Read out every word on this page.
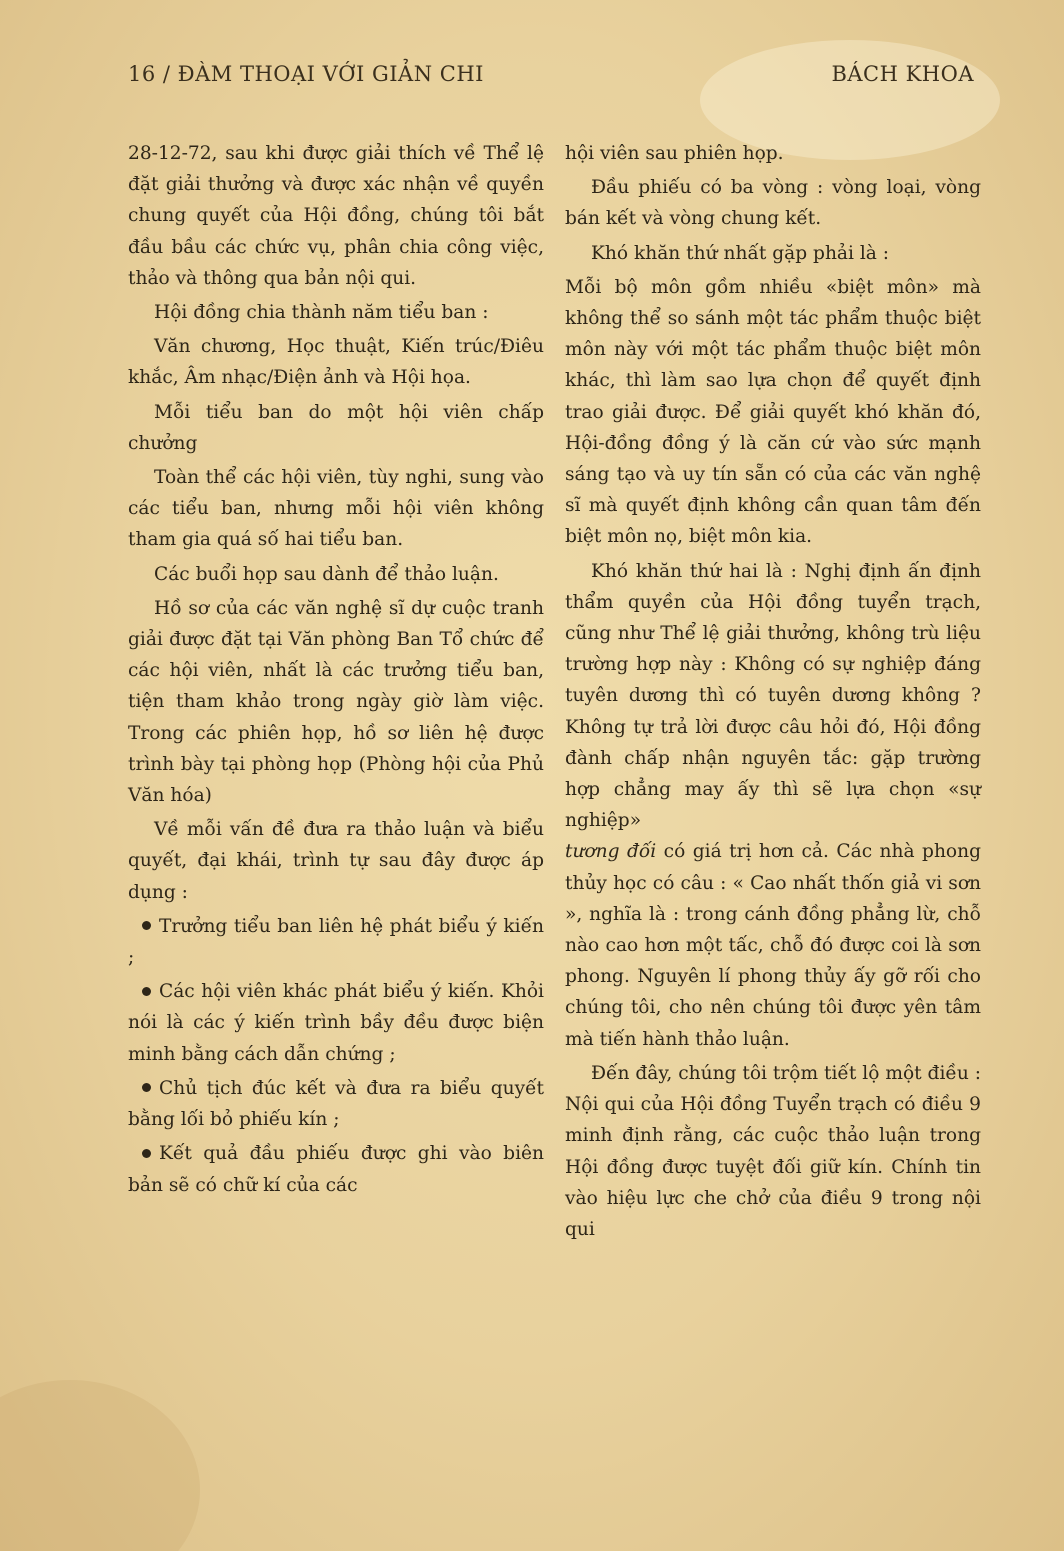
16 / ĐÀM THOẠI VỚI GIẢN CHI	BÁCH KHOA

28-12-72, sau khi được giải thích về Thể lệ đặt giải thưởng và được xác nhận về quyền chung quyết của Hội đồng, chúng tôi bắt đầu bầu các chức vụ, phân chia công việc, thảo và thông qua bản nội qui.

Hội đồng chia thành năm tiểu ban :

Văn chương, Học thuật, Kiến trúc/Điêu khắc, Âm nhạc/Điện ảnh và Hội họa.

Mỗi tiểu ban do một hội viên chấp chưởng

Toàn thể các hội viên, tùy nghi, sung vào các tiểu ban, nhưng mỗi hội viên không tham gia quá số hai tiểu ban.

Các buổi họp sau dành để thảo luận.

Hồ sơ của các văn nghệ sĩ dự cuộc tranh giải được đặt tại Văn phòng Ban Tổ chức để các hội viên, nhất là các trưởng tiểu ban, tiện tham khảo trong ngày giờ làm việc. Trong các phiên họp, hồ sơ liên hệ được trình bày tại phòng họp (Phòng hội của Phủ Văn hóa)

Về mỗi vấn đề đưa ra thảo luận và biểu quyết, đại khái, trình tự sau đây được áp dụng :

Trưởng tiểu ban liên hệ phát biểu ý kiến ;

Các hội viên khác phát biểu ý kiến. Khỏi nói là các ý kiến trình bầy đều được biện minh bằng cách dẫn chứng ;

Chủ tịch đúc kết và đưa ra biểu quyết bằng lối bỏ phiếu kín ;

Kết quả đầu phiếu được ghi vào biên bản sẽ có chữ kí của các

hội viên sau phiên họp.

Đầu phiếu có ba vòng : vòng loại, vòng bán kết và vòng chung kết.

Khó khăn thứ nhất gặp phải là :

Mỗi bộ môn gồm nhiều «biệt môn» mà không thể so sánh một tác phẩm thuộc biệt môn này với một tác phẩm thuộc biệt môn khác, thì làm sao lựa chọn để quyết định trao giải được. Để giải quyết khó khăn đó, Hội-đồng đồng ý là căn cứ vào sức mạnh sáng tạo và uy tín sẵn có của các văn nghệ sĩ mà quyết định không cần quan tâm đến biệt môn nọ, biệt môn kia.

Khó khăn thứ hai là : Nghị định ấn định thẩm quyền của Hội đồng tuyển trạch, cũng như Thể lệ giải thưởng, không trù liệu trường hợp này : Không có sự nghiệp đáng tuyên dương thì có tuyên dương không ? Không tự trả lời được câu hỏi đó, Hội đồng đành chấp nhận nguyên tắc: gặp trường hợp chẳng may ấy thì sẽ lựa chọn «sự nghiệp»

tương đối có giá trị hơn cả. Các nhà phong thủy học có câu : « Cao nhất thốn giả vi sơn », nghĩa là : trong cánh đồng phẳng lừ, chỗ nào cao hơn một tấc, chỗ đó được coi là sơn phong. Nguyên lí phong thủy ấy gỡ rối cho chúng tôi, cho nên chúng tôi được yên tâm mà tiến hành thảo luận.

Đến đây, chúng tôi trộm tiết lộ một điều : Nội qui của Hội đồng Tuyển trạch có điều 9 minh định rằng, các cuộc thảo luận trong Hội đồng được tuyệt đối giữ kín. Chính tin vào hiệu lực che chở của điều 9 trong nội qui
